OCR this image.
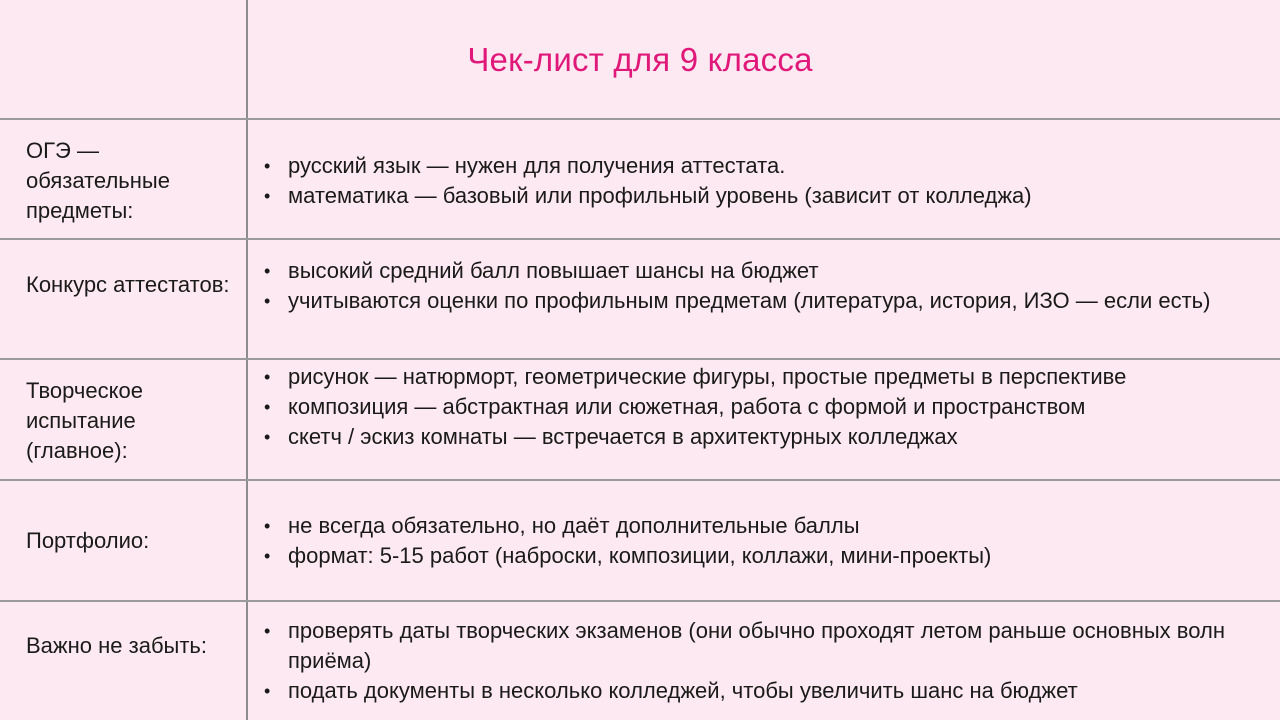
Чек-лист для 9 класса
ОГЭ — обязательные предметы:
• русский язык — нужен для получения аттестата.
• математика — базовый или профильный уровень (зависит от колледжа)
Конкурс аттестатов:
• высокий средний балл повышает шансы на бюджет
• учитываются оценки по профильным предметам (литература, история, ИЗО — если есть)
Творческое испытание (главное):
• рисунок — натюрморт, геометрические фигуры, простые предметы в перспективе
• композиция — абстрактная или сюжетная, работа с формой и пространством
• скетч / эскиз комнаты — встречается в архитектурных колледжах
Портфолио:
• не всегда обязательно, но даёт дополнительные баллы
• формат: 5-15 работ (наброски, композиции, коллажи, мини-проекты)
Важно не забыть:
• проверять даты творческих экзаменов (они обычно проходят летом раньше основных волн приёма)
• подать документы в несколько колледжей, чтобы увеличить шанс на бюджет
